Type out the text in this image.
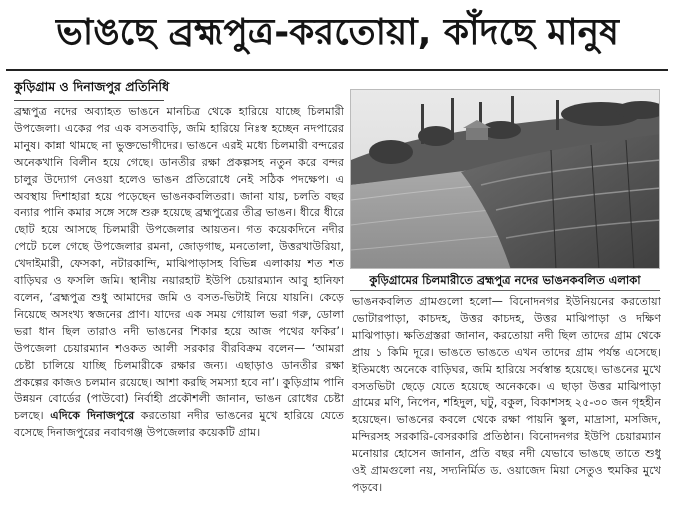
ভাঙছে ব্রহ্মপুত্র-করতোয়া, কাঁদছে মানুষ
কুড়িগ্রাম ও দিনাজপুর প্রতিনিধি
ব্রহ্মপুত্র নদের অব্যাহত ভাঙনে মানচিত্র থেকে হারিয়ে যাচ্ছে চিলমারী উপজেলা। একের পর এক বসতবাড়ি, জমি হারিয়ে নিঃস্ব হচ্ছেন নদপারের মানুষ। কান্না থামছে না ভুক্তভোগীদের। ভাঙনে এরই মধ্যে চিলমারী বন্দরের অনেকখানি বিলীন হয়ে গেছে। ডানতীর রক্ষা প্রকল্পসহ নতুন করে বন্দর চালুর উদ্যোগ নেওয়া হলেও ভাঙন প্রতিরোধে নেই সঠিক পদক্ষেপ। এ অবস্থায় দিশাহারা হয়ে পড়েছেন ভাঙনকবলিতরা। জানা যায়, চলতি বছর বন্যার পানি কমার সঙ্গে সঙ্গে শুরু হয়েছে ব্রহ্মপুত্রের তীব্র ভাঙন। ধীরে ধীরে ছোট হয়ে আসছে চিলমারী উপজেলার আয়তন। গত কয়েকদিনে নদীর পেটে চলে গেছে উপজেলার রমনা, জোড়গাছ, মনতোলা, উত্তরখাউরিয়া, খেদাইমারী, ফেসকা, নটারকান্দি, মাঝিপাড়াসহ বিভিন্ন এলাকায় শত শত বাড়িঘর ও ফসলি জমি। স্থানীয় নয়ারহাট ইউপি চেয়ারম্যান আবু হানিফা বলেন, ‘ব্রহ্মপুত্র শুধু আমাদের জমি ও বসত-ভিটাই নিয়ে যায়নি। কেড়ে নিয়েছে অসংখ্য স্বজনের প্রাণ। যাদের এক সময় গোয়াল ভরা গরু, ডোলা ভরা ধান ছিল তারাও নদী ভাঙনের শিকার হয়ে আজ পথের ফকির’। উপজেলা চেয়ারম্যান শওকত আলী সরকার বীরবিক্রম বলেন— ‘আমরা চেষ্টা চালিয়ে যাচ্ছি চিলমারীকে রক্ষার জন্য। এছাড়াও ডানতীর রক্ষা প্রকল্পের কাজও চলমান রয়েছে। আশা করছি সমস্যা হবে না’। কুড়িগ্রাম পানি উন্নয়ন বোর্ডের (পাউবো) নির্বাহী প্রকৌশলী জানান, ভাঙন রোধের চেষ্টা চলছে। এদিকে দিনাজপুরে করতোয়া নদীর ভাঙনের মুখে হারিয়ে যেতে বসেছে দিনাজপুরের নবাবগঞ্জ উপজেলার কয়েকটি গ্রাম।
কুড়িগ্রামের চিলমারীতে ব্রহ্মপুত্র নদের ভাঙনকবলিত এলাকা
ভাঙনকবলিত গ্রামগুলো হলো— বিনোদনগর ইউনিয়নের করতোয়া ভোটারপাড়া, কাচদহ, উত্তর কাচদহ, উত্তর মাঝিপাড়া ও দক্ষিণ মাঝিপাড়া। ক্ষতিগ্রস্তরা জানান, করতোয়া নদী ছিল তাদের গ্রাম থেকে প্রায় ১ কিমি দূরে। ভাঙতে ভাঙতে এখন তাদের গ্রাম পর্যন্ত এসেছে। ইতিমধ্যে অনেকে বাড়িঘর, জমি হারিয়ে সর্বস্বান্ত হয়েছে। ভাঙনের মুখে বসতভিটা ছেড়ে যেতে হয়েছে অনেককে। এ ছাড়া উত্তর মাঝিপাড়া গ্রামের মণি, নিপেন, শহিদুল, ঘটু, বকুল, বিকাশসহ ২৫-৩০ জন গৃহহীন হয়েছেন। ভাঙনের কবলে থেকে রক্ষা পায়নি স্কুল, মাদ্রাসা, মসজিদ, মন্দিরসহ সরকারি-বেসরকারি প্রতিষ্ঠান। বিনোদনগর ইউপি চেয়ারম্যান মনোয়ার হোসেন জানান, প্রতি বছর নদী যেভাবে ভাঙছে তাতে শুধু ওই গ্রামগুলো নয়, সদ্যনির্মিত ড. ওয়াজেদ মিয়া সেতুও হুমকির মুখে পড়বে।
